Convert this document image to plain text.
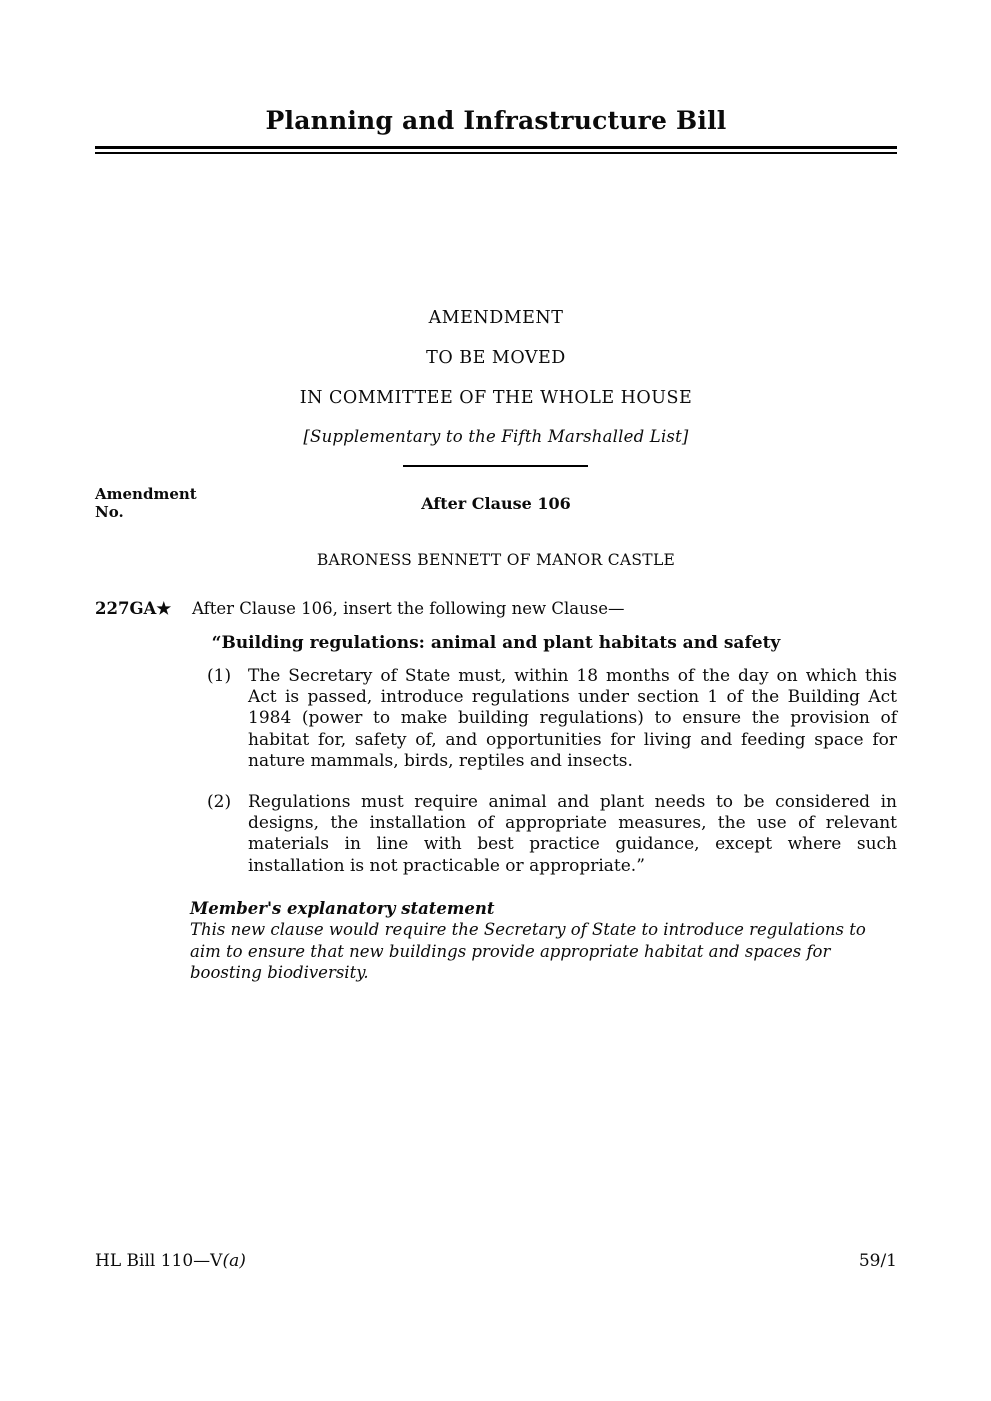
Planning and Infrastructure Bill
AMENDMENT
TO BE MOVED
IN COMMITTEE OF THE WHOLE HOUSE
[Supplementary to the Fifth Marshalled List]
Amendment
No.	After Clause 106
BARONESS BENNETT OF MANOR CASTLE
227GA★	After Clause 106, insert the following new Clause—
“Building regulations: animal and plant habitats and safety
(1) The Secretary of State must, within 18 months of the day on which this Act is passed, introduce regulations under section 1 of the Building Act 1984 (power to make building regulations) to ensure the provision of habitat for, safety of, and opportunities for living and feeding space for nature mammals, birds, reptiles and insects.
(2) Regulations must require animal and plant needs to be considered in designs, the installation of appropriate measures, the use of relevant materials in line with best practice guidance, except where such installation is not practicable or appropriate.”
Member's explanatory statement
This new clause would require the Secretary of State to introduce regulations to aim to ensure that new buildings provide appropriate habitat and spaces for boosting biodiversity.
HL Bill 110—V(a)	59/1
